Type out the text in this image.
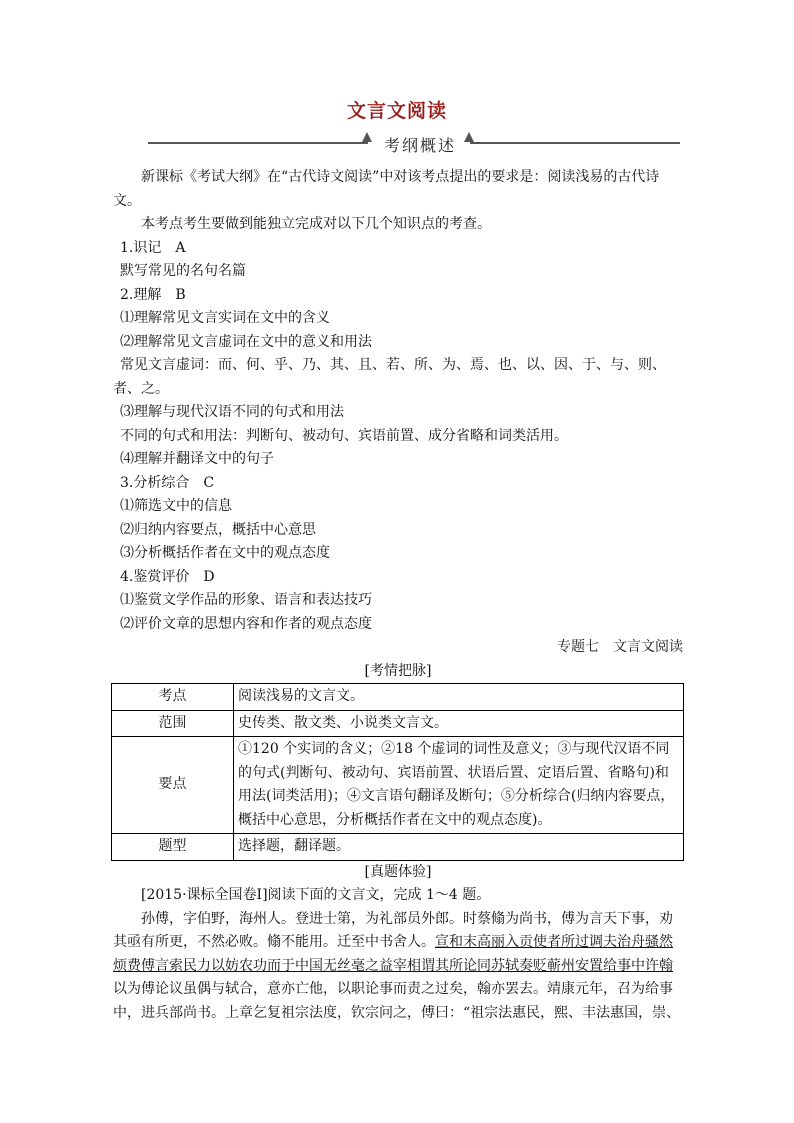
文言文阅读
考纲概述

新课标《考试大纲》在“古代诗文阅读”中对该考点提出的要求是：阅读浅易的古代诗文。

本考点考生要做到能独立完成对以下几个知识点的考查。

1.识记　A

默写常见的名句名篇

2.理解　B

⑴理解常见文言实词在文中的含义

⑵理解常见文言虚词在文中的意义和用法

常见文言虚词：而、何、乎、乃、其、且、若、所、为、焉、也、以、因、于、与、则、者、之。

⑶理解与现代汉语不同的句式和用法

不同的句式和用法：判断句、被动句、宾语前置、成分省略和词类活用。

⑷理解并翻译文中的句子

3.分析综合　C

⑴筛选文中的信息

⑵归纳内容要点，概括中心意思

⑶分析概括作者在文中的观点态度

4.鉴赏评价　D

⑴鉴赏文学作品的形象、语言和表达技巧

⑵评价文章的思想内容和作者的观点态度

专题七　文言文阅读

[考情把脉]

考点	阅读浅易的文言文。
范围	史传类、散文类、小说类文言文。
要点	①120 个实词的含义；②18 个虚词的词性及意义；③与现代汉语不同的句式(判断句、被动句、宾语前置、状语后置、定语后置、省略句)和用法(词类活用)；④文言语句翻译及断句；⑤分析综合(归纳内容要点，概括中心意思，分析概括作者在文中的观点态度)。
题型	选择题，翻译题。

[真题体验]

[2015·课标全国卷Ⅰ]阅读下面的文言文，完成 1～4 题。

孙傅，字伯野，海州人。登进士第，为礼部员外郎。时蔡翛为尚书，傅为言天下事，劝其亟有所更，不然必败。翛不能用。迁至中书舍人。宣和末高丽入贡使者所过调夫治舟骚然烦费傅言索民力以妨农功而于中国无丝毫之益宰相谓其所论同苏轼奏贬蕲州安置给事中许翰以为傅论议虽偶与轼合，意亦亡他，以职论事而责之过矣，翰亦罢去。靖康元年，召为给事中，进兵部尚书。上章乞复祖宗法度，钦宗问之，傅曰：“祖宗法惠民，熙、丰法惠国，崇、
